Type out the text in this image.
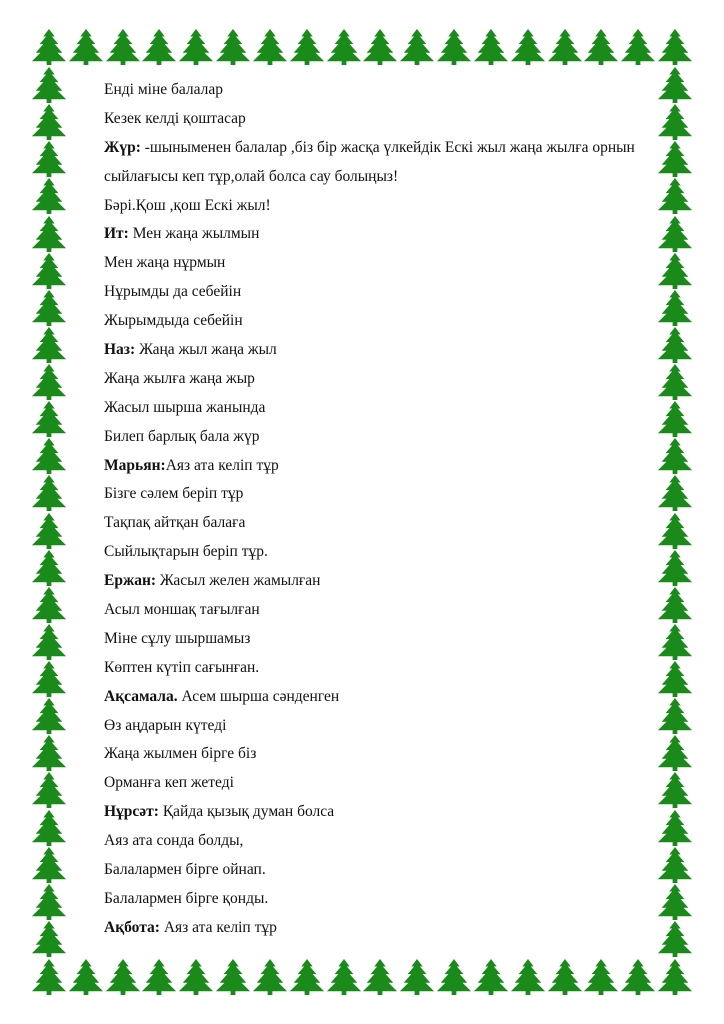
Енді міне балалар
Кезек келді қоштасар
Жүр: -шыныменен балалар ,біз бір жасқа үлкейдік Ескі жыл жаңа жылға орнын
сыйлағысы кеп тұр,олай болса сау болыңыз!
Бәрі.Қош ,қош Ескі жыл!
Ит: Мен жаңа жылмын
Мен жаңа нұрмын
Нұрымды да себейін
Жырымдыда себейін
Наз: Жаңа жыл жаңа жыл
Жаңа жылға жаңа жыр
Жасыл шырша жанында
Билеп барлық бала жүр
Марьян:Аяз ата келіп тұр
Бізге сәлем беріп тұр
Тақпақ айтқан балаға
Сыйлықтарын беріп тұр.
Ержан: Жасыл желен жамылған
Асыл моншақ тағылған
Міне сұлу шыршамыз
Көптен күтіп сағынған.
Ақсамала. Асем шырша сәнденген
Өз аңдарын күтеді
Жаңа жылмен бірге біз
Орманға кеп жетеді
Нұрсәт: Қайда қызық думан болса
Аяз ата сонда болды,
Балалармен бірге ойнап.
Балалармен бірге қонды.
Ақбота: Аяз ата келіп тұр
